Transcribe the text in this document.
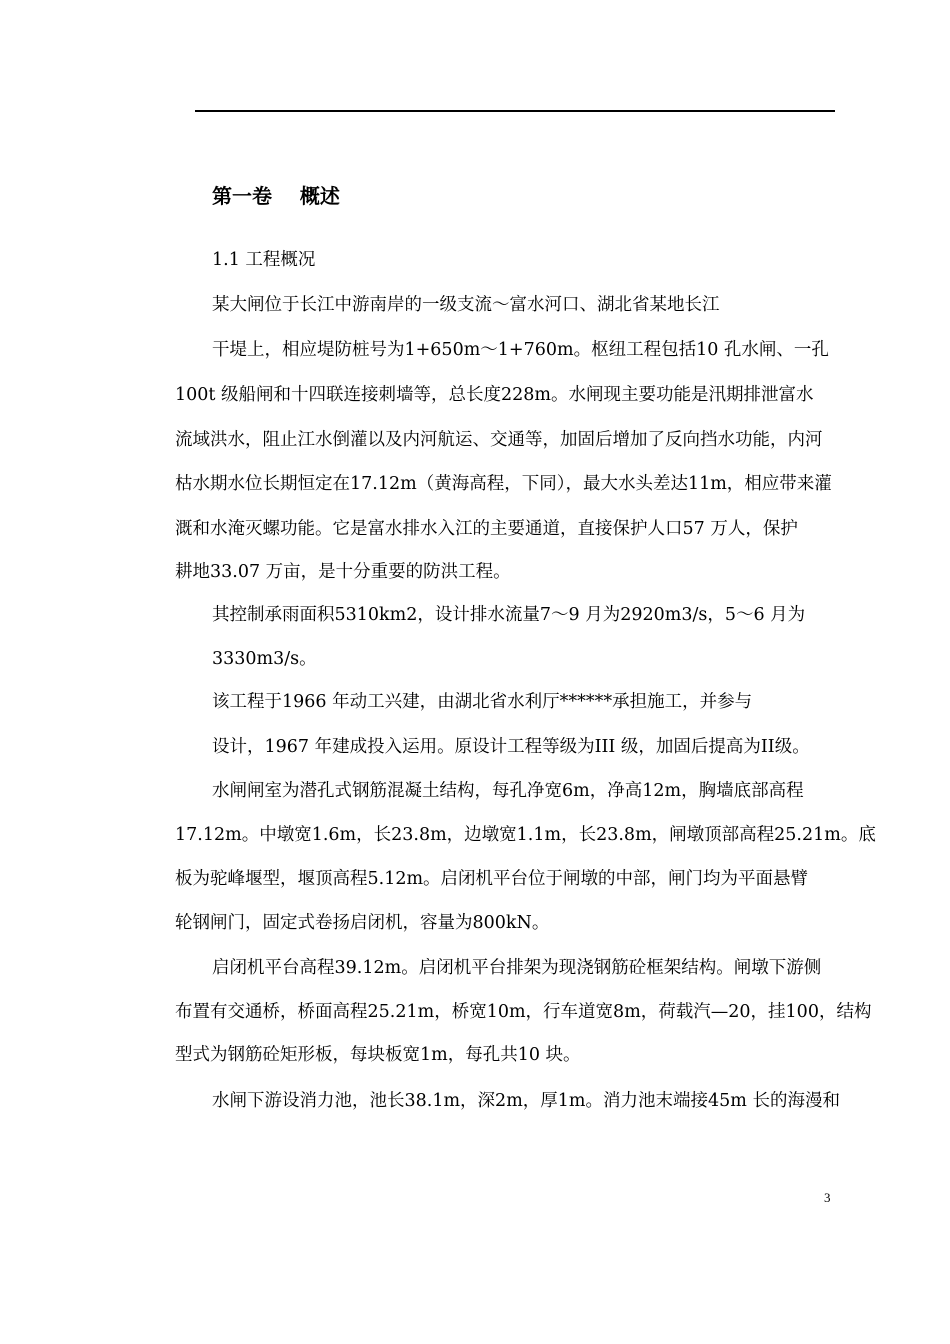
第一卷    概述
1.1 工程概况
某大闸位于长江中游南岸的一级支流～富水河口、湖北省某地长江
干堤上，相应堤防桩号为1+650m～1+760m。枢纽工程包括10 孔水闸、一孔
100t 级船闸和十四联连接刺墙等，总长度228m。水闸现主要功能是汛期排泄富水
流域洪水，阻止江水倒灌以及内河航运、交通等，加固后增加了反向挡水功能，内河
枯水期水位长期恒定在17.12m（黄海高程，下同），最大水头差达11m，相应带来灌
溉和水淹灭螺功能。它是富水排水入江的主要通道，直接保护人口57 万人，保护
耕地33.07 万亩，是十分重要的防洪工程。
其控制承雨面积5310km2，设计排水流量7～9 月为2920m3/s，5～6 月为
3330m3/s。
该工程于1966 年动工兴建，由湖北省水利厅******承担施工，并参与
设计，1967 年建成投入运用。原设计工程等级为III 级，加固后提高为II级。
水闸闸室为潜孔式钢筋混凝土结构，每孔净宽6m，净高12m，胸墙底部高程
17.12m。中墩宽1.6m，长23.8m，边墩宽1.1m，长23.8m，闸墩顶部高程25.21m。底
板为驼峰堰型，堰顶高程5.12m。启闭机平台位于闸墩的中部，闸门均为平面悬臂
轮钢闸门，固定式卷扬启闭机，容量为800kN。
启闭机平台高程39.12m。启闭机平台排架为现浇钢筋砼框架结构。闸墩下游侧
布置有交通桥，桥面高程25.21m，桥宽10m，行车道宽8m，荷载汽—20，挂100，结构
型式为钢筋砼矩形板，每块板宽1m，每孔共10 块。
水闸下游设消力池，池长38.1m，深2m，厚1m。消力池末端接45m 长的海漫和
3
